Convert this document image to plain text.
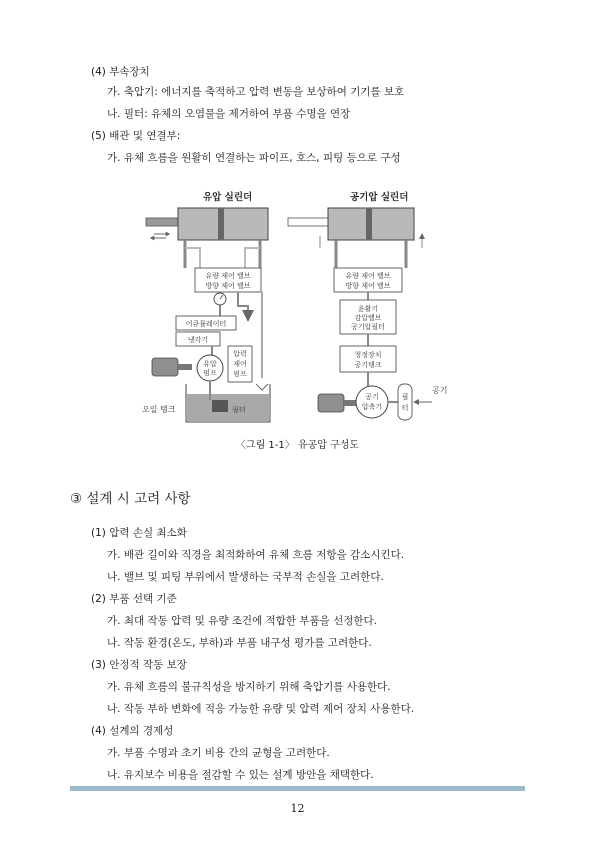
(4) 부속장치
가. 축압기: 에너지를 축적하고 압력 변동을 보상하여 기기를 보호
나. 필터: 유체의 오염물을 제거하여 부품 수명을 연장
(5) 배관 및 연결부:
가. 유체 흐름을 원활히 연결하는 파이프, 호스, 피팅 등으로 구성
유압 실린더
유량 제어 밸브
방향 제어 밸브
어큐뮬레이터
냉각기
유압
펌프
압력
제어
펌프
오일 탱크	필터
공기압 실린더
유량 제어 밸브
방향 제어 밸브
윤활기
감압밸브
공기압필터
청정장치
공기탱크
공기
압축기
필
터
공기
〈그림 1-1〉 유공압 구성도
③ 설계 시 고려 사항
(1) 압력 손실 최소화
가. 배관 길이와 직경을 최적화하여 유체 흐름 저항을 감소시킨다.
나. 밸브 및 피팅 부위에서 발생하는 국부적 손실을 고려한다.
(2) 부품 선택 기준
가. 최대 작동 압력 및 유량 조건에 적합한 부품을 선정한다.
나. 작동 환경(온도, 부하)과 부품 내구성 평가를 고려한다.
(3) 안정적 작동 보장
가. 유체 흐름의 불규칙성을 방지하기 위해 축압기를 사용한다.
나. 작동 부하 변화에 적응 가능한 유량 및 압력 제어 장치 사용한다.
(4) 설계의 경제성
가. 부품 수명과 초기 비용 간의 균형을 고려한다.
나. 유지보수 비용을 절감할 수 있는 설계 방안을 채택한다.
12
